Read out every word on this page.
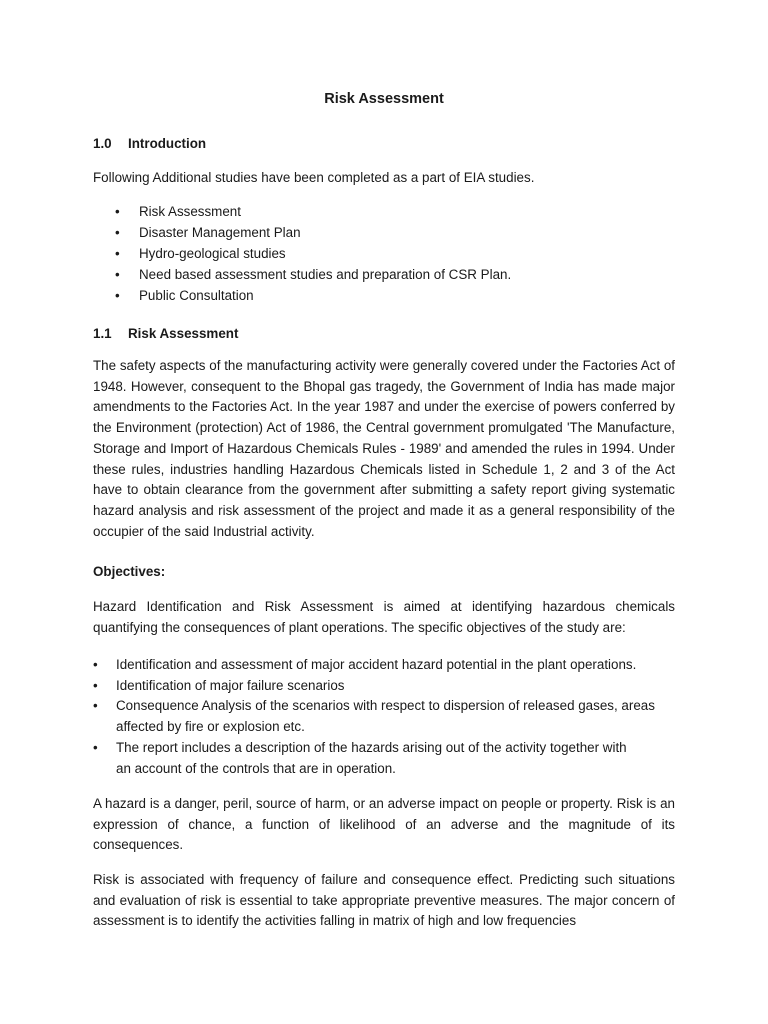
Risk Assessment
1.0 Introduction
Following Additional studies have been completed as a part of EIA studies.
• Risk Assessment
• Disaster Management Plan
• Hydro-geological studies
• Need based assessment studies and preparation of CSR Plan.
• Public Consultation
1.1 Risk Assessment
The safety aspects of the manufacturing activity were generally covered under the Factories Act of 1948. However, consequent to the Bhopal gas tragedy, the Government of India has made major amendments to the Factories Act. In the year 1987 and under the exercise of powers conferred by the Environment (protection) Act of 1986, the Central government promulgated 'The Manufacture, Storage and Import of Hazardous Chemicals Rules - 1989' and amended the rules in 1994. Under these rules, industries handling Hazardous Chemicals listed in Schedule 1, 2 and 3 of the Act have to obtain clearance from the government after submitting a safety report giving systematic hazard analysis and risk assessment of the project and made it as a general responsibility of the occupier of the said Industrial activity.
Objectives:
Hazard Identification and Risk Assessment is aimed at identifying hazardous chemicals quantifying the consequences of plant operations. The specific objectives of the study are:
• Identification and assessment of major accident hazard potential in the plant operations.
• Identification of major failure scenarios
• Consequence Analysis of the scenarios with respect to dispersion of released gases, areas
affected by fire or explosion etc.
• The report includes a description of the hazards arising out of the activity together with
an account of the controls that are in operation.
A hazard is a danger, peril, source of harm, or an adverse impact on people or property. Risk is an expression of chance, a function of likelihood of an adverse and the magnitude of its consequences.
Risk is associated with frequency of failure and consequence effect. Predicting such situations and evaluation of risk is essential to take appropriate preventive measures. The major concern of assessment is to identify the activities falling in matrix of high and low frequencies
